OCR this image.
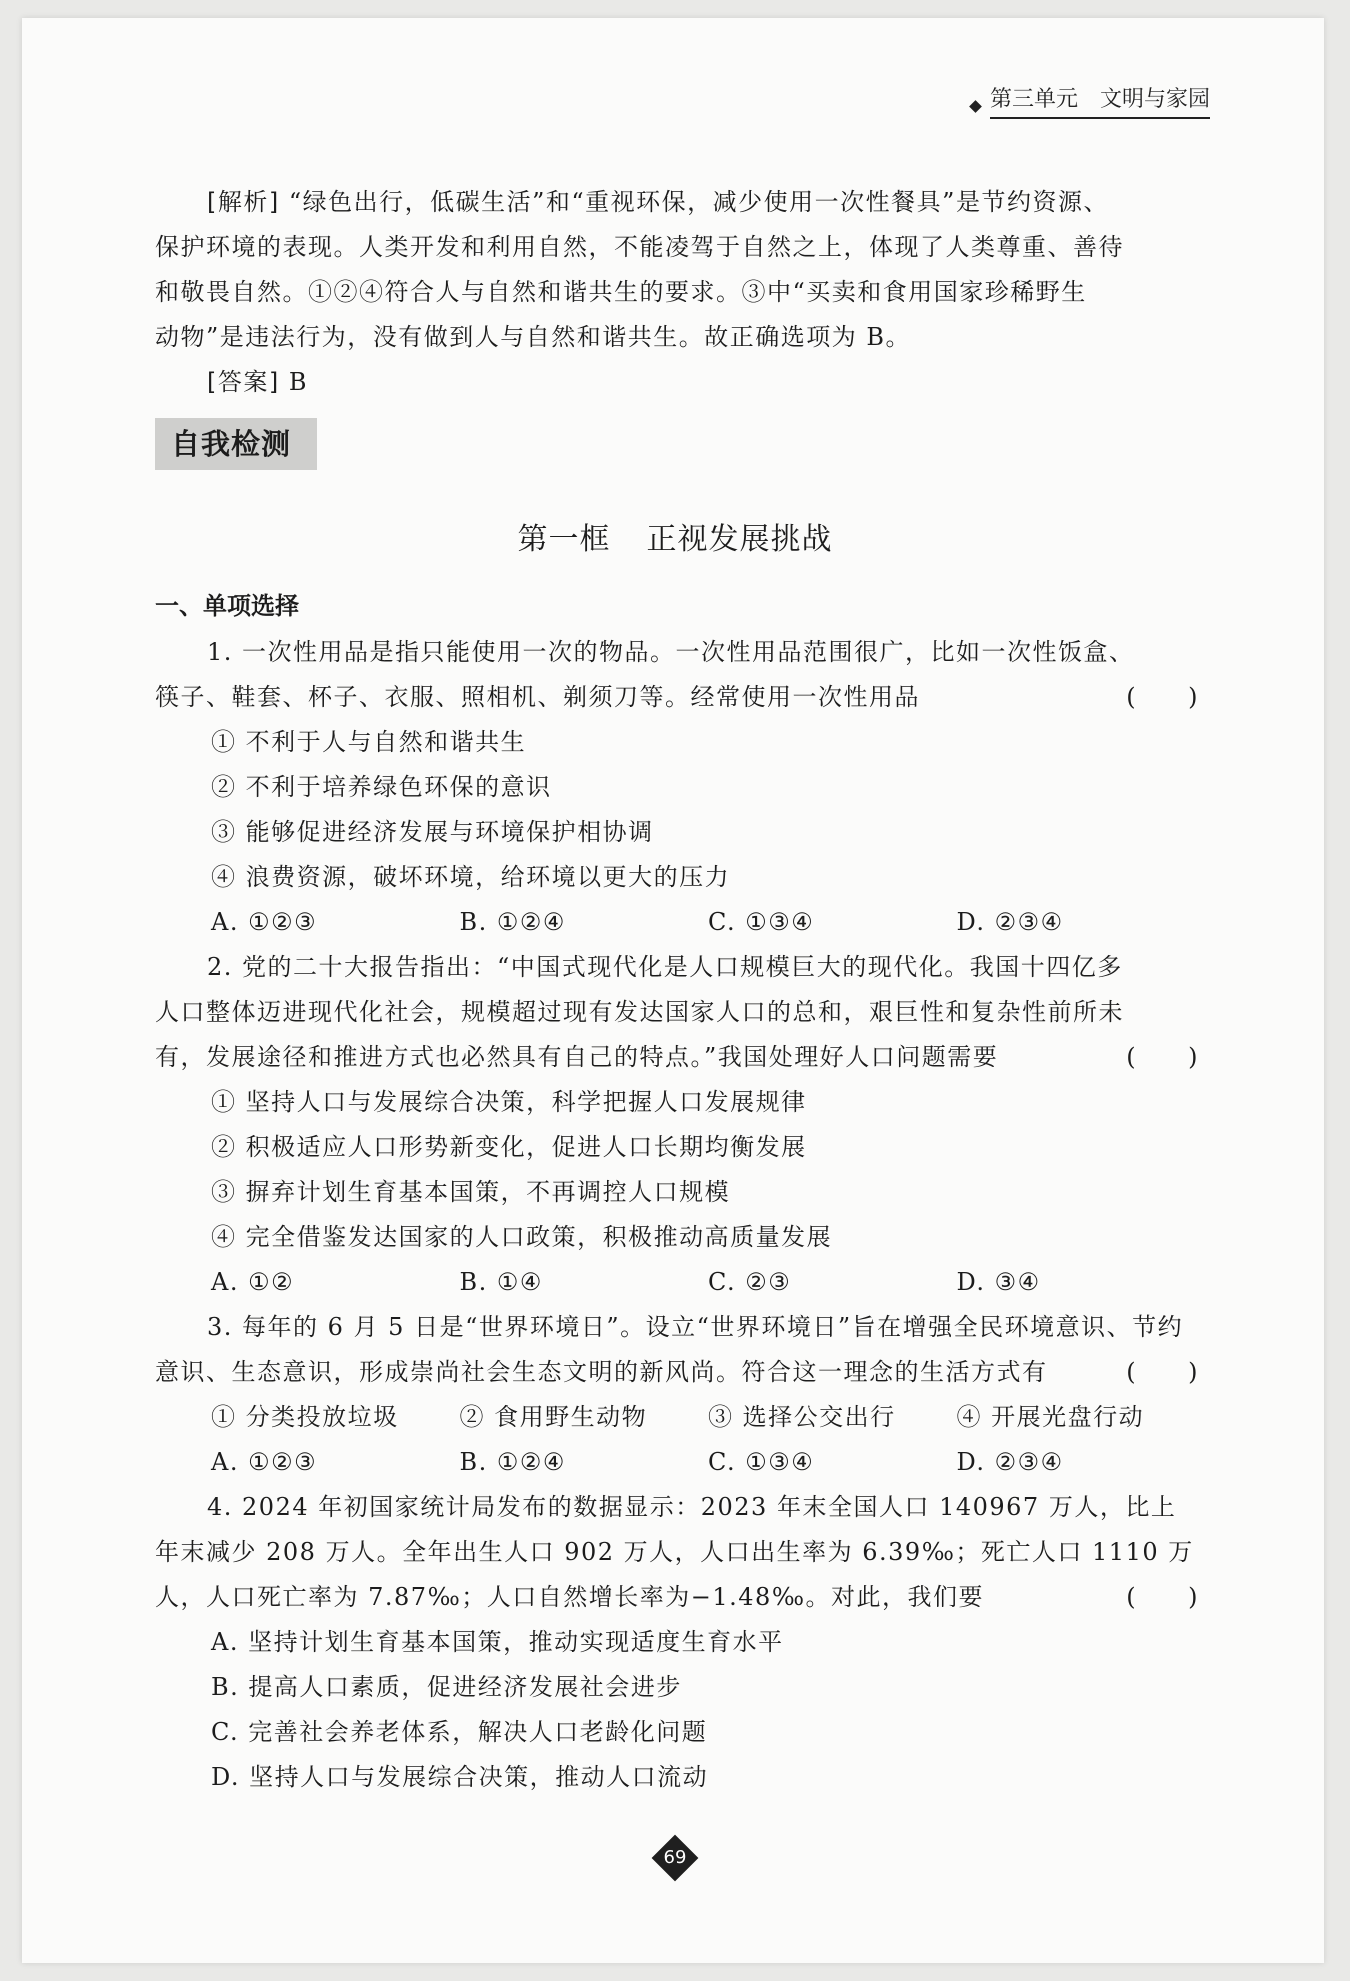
第三单元 文明与家园
[解析] “绿色出行，低碳生活”和“重视环保，减少使用一次性餐具”是节约资源、
保护环境的表现。人类开发和利用自然，不能凌驾于自然之上，体现了人类尊重、善待
和敬畏自然。①②④符合人与自然和谐共生的要求。③中“买卖和食用国家珍稀野生
动物”是违法行为，没有做到人与自然和谐共生。故正确选项为 B。
[答案] B
自我检测
第一框 正视发展挑战
一、单项选择
1. 一次性用品是指只能使用一次的物品。一次性用品范围很广，比如一次性饭盒、
筷子、鞋套、杯子、衣服、照相机、剃须刀等。经常使用一次性用品	(　　)
① 不利于人与自然和谐共生
② 不利于培养绿色环保的意识
③ 能够促进经济发展与环境保护相协调
④ 浪费资源，破坏环境，给环境以更大的压力
A. ①②③	B. ①②④	C. ①③④	D. ②③④
2. 党的二十大报告指出：“中国式现代化是人口规模巨大的现代化。我国十四亿多
人口整体迈进现代化社会，规模超过现有发达国家人口的总和，艰巨性和复杂性前所未
有，发展途径和推进方式也必然具有自己的特点。”我国处理好人口问题需要	(　　)
① 坚持人口与发展综合决策，科学把握人口发展规律
② 积极适应人口形势新变化，促进人口长期均衡发展
③ 摒弃计划生育基本国策，不再调控人口规模
④ 完全借鉴发达国家的人口政策，积极推动高质量发展
A. ①②	B. ①④	C. ②③	D. ③④
3. 每年的 6 月 5 日是“世界环境日”。设立“世界环境日”旨在增强全民环境意识、节约
意识、生态意识，形成崇尚社会生态文明的新风尚。符合这一理念的生活方式有	(　　)
① 分类投放垃圾	② 食用野生动物	③ 选择公交出行	④ 开展光盘行动
A. ①②③	B. ①②④	C. ①③④	D. ②③④
4. 2024 年初国家统计局发布的数据显示：2023 年末全国人口 140967 万人，比上
年末减少 208 万人。全年出生人口 902 万人，人口出生率为 6.39‰；死亡人口 1110 万
人，人口死亡率为 7.87‰；人口自然增长率为−1.48‰。对此，我们要	(　　)
A. 坚持计划生育基本国策，推动实现适度生育水平
B. 提高人口素质，促进经济发展社会进步
C. 完善社会养老体系，解决人口老龄化问题
D. 坚持人口与发展综合决策，推动人口流动
69
